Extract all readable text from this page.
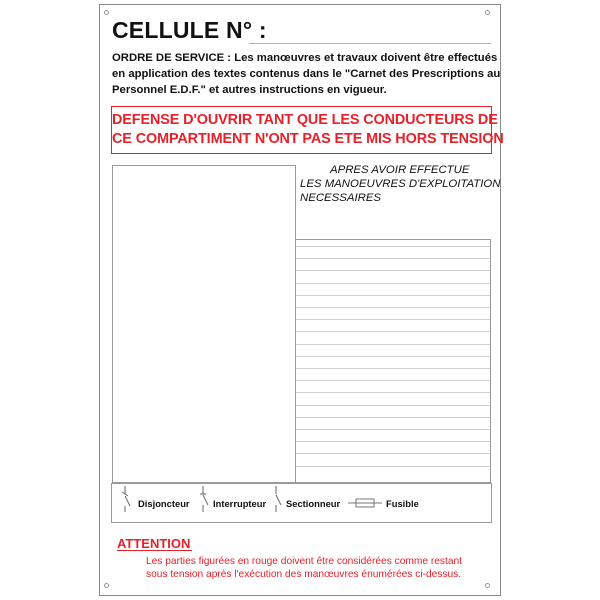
CELLULE N° :
ORDRE DE SERVICE : Les manœuvres et travaux doivent être effectués
en application des textes contenus dans le "Carnet des Prescriptions au
Personnel E.D.F." et autres instructions en vigueur.
DEFENSE D'OUVRIR TANT QUE LES CONDUCTEURS DE
CE COMPARTIMENT N'ONT PAS ETE MIS HORS TENSION
APRES AVOIR EFFECTUE
LES MANOEUVRES D'EXPLOITATION
NECESSAIRES
Disjoncteur Interrupteur Sectionneur	Fusible
ATTENTION
Les parties figurées en rouge doivent être considérées comme restant
sous tension après l'exécution des manœuvres énumérées ci-dessus.
